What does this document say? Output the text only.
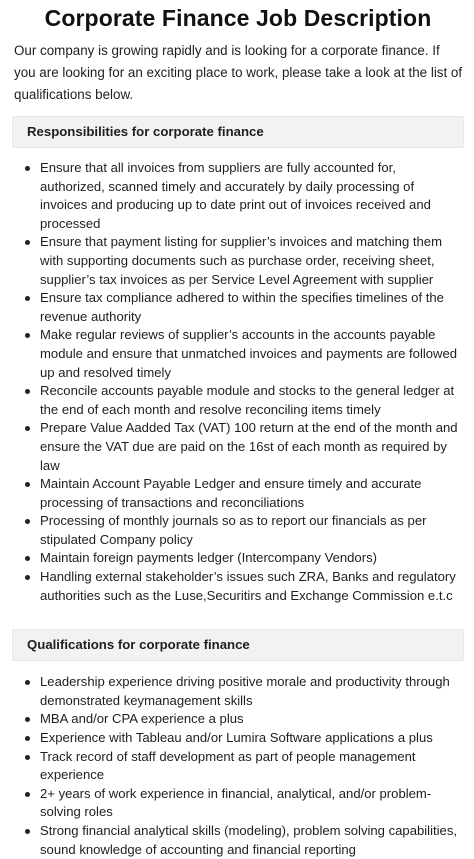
Corporate Finance Job Description

Our company is growing rapidly and is looking for a corporate finance. If you are looking for an exciting place to work, please take a look at the list of qualifications below.

Responsibilities for corporate finance
Ensure that all invoices from suppliers are fully accounted for, authorized, scanned timely and accurately by daily processing of invoices and producing up to date print out of invoices received and processed
Ensure that payment listing for supplier’s invoices and matching them with supporting documents such as purchase order, receiving sheet, supplier’s tax invoices as per Service Level Agreement with supplier
Ensure tax compliance adhered to within the specifies timelines of the revenue authority
Make regular reviews of supplier’s accounts in the accounts payable module and ensure that unmatched invoices and payments are followed up and resolved timely
Reconcile accounts payable module and stocks to the general ledger at the end of each month and resolve reconciling items timely
Prepare Value Aadded Tax (VAT) 100 return at the end of the month and ensure the VAT due are paid on the 16st of each month as required by law
Maintain Account Payable Ledger and ensure timely and accurate processing of transactions and reconciliations
Processing of monthly journals so as to report our financials as per stipulated Company policy
Maintain foreign payments ledger (Intercompany Vendors)
Handling external stakeholder’s issues such ZRA, Banks and regulatory authorities such as the Luse,Securitirs and Exchange Commission e.t.c
Qualifications for corporate finance
Leadership experience driving positive morale and productivity through demonstrated keymanagement skills
MBA and/or CPA experience a plus
Experience with Tableau and/or Lumira Software applications a plus
Track record of staff development as part of people management experience
2+ years of work experience in financial, analytical, and/or problem-solving roles
Strong financial analytical skills (modeling), problem solving capabilities, sound knowledge of accounting and financial reporting
